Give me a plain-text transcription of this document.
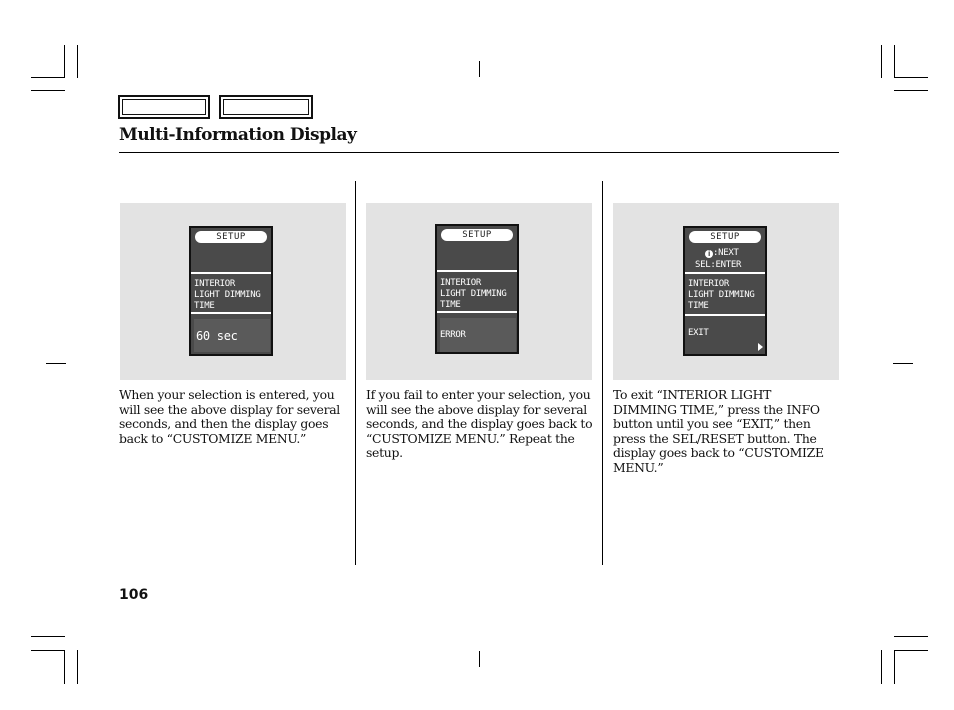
Multi-Information Display
SETUP
INTERIOR
LIGHT DIMMING
TIME
60 sec
SETUP
INTERIOR
LIGHT DIMMING
TIME
ERROR
SETUP
i :NEXT
SEL:ENTER
INTERIOR
LIGHT DIMMING
TIME
EXIT
When your selection is entered, you will see the above display for several seconds, and then the display goes back to “CUSTOMIZE MENU.”
If you fail to enter your selection, you will see the above display for several seconds, and the display goes back to “CUSTOMIZE MENU.” Repeat the setup.
To exit “INTERIOR LIGHT DIMMING TIME,” press the INFO button until you see “EXIT,” then press the SEL/RESET button. The display goes back to “CUSTOMIZE MENU.”
106
